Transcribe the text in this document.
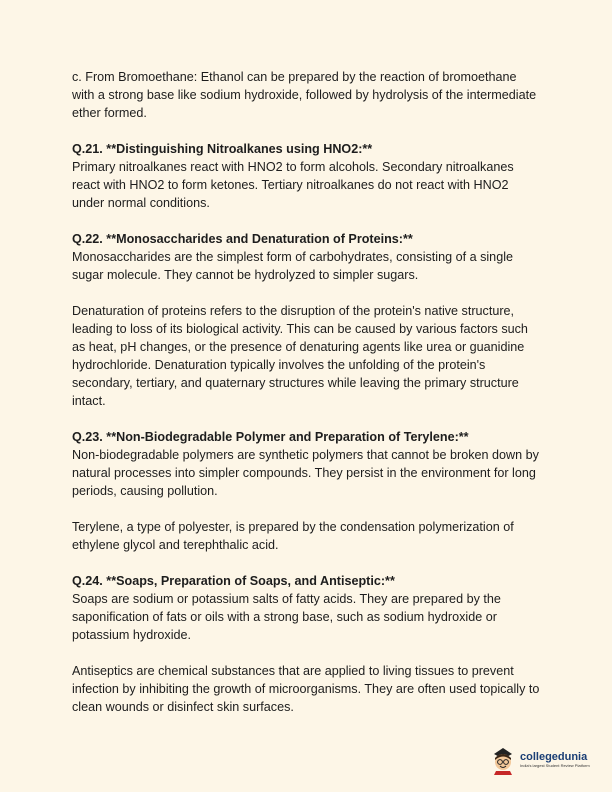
c. From Bromoethane: Ethanol can be prepared by the reaction of bromoethane with a strong base like sodium hydroxide, followed by hydrolysis of the intermediate ether formed.

Q.21. **Distinguishing Nitroalkanes using HNO2:**

Primary nitroalkanes react with HNO2 to form alcohols. Secondary nitroalkanes react with HNO2 to form ketones. Tertiary nitroalkanes do not react with HNO2 under normal conditions.

Q.22. **Monosaccharides and Denaturation of Proteins:**

Monosaccharides are the simplest form of carbohydrates, consisting of a single sugar molecule. They cannot be hydrolyzed to simpler sugars.

Denaturation of proteins refers to the disruption of the protein's native structure, leading to loss of its biological activity. This can be caused by various factors such as heat, pH changes, or the presence of denaturing agents like urea or guanidine hydrochloride. Denaturation typically involves the unfolding of the protein's secondary, tertiary, and quaternary structures while leaving the primary structure intact.

Q.23. **Non-Biodegradable Polymer and Preparation of Terylene:**

Non-biodegradable polymers are synthetic polymers that cannot be broken down by natural processes into simpler compounds. They persist in the environment for long periods, causing pollution.

Terylene, a type of polyester, is prepared by the condensation polymerization of ethylene glycol and terephthalic acid.

Q.24. **Soaps, Preparation of Soaps, and Antiseptic:**

Soaps are sodium or potassium salts of fatty acids. They are prepared by the saponification of fats or oils with a strong base, such as sodium hydroxide or potassium hydroxide.

Antiseptics are chemical substances that are applied to living tissues to prevent infection by inhibiting the growth of microorganisms. They are often used topically to clean wounds or disinfect skin surfaces.

collegedunia
India's largest Student Review Platform
